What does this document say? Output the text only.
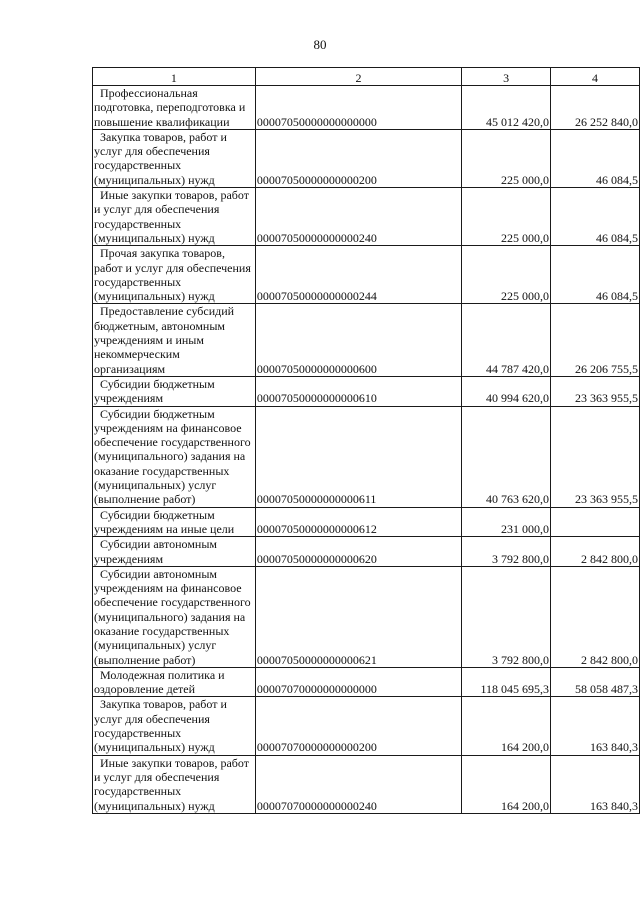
80
1	2	3	4

Профессиональная подготовка, переподготовка и повышение квалификации	00007050000000000000	45 012 420,0	26 252 840,0

Закупка товаров, работ и услуг для обеспечения государственных (муниципальных) нужд	00007050000000000200	225 000,0	46 084,5

Иные закупки товаров, работ и услуг для обеспечения государственных (муниципальных) нужд	00007050000000000240	225 000,0	46 084,5

Прочая закупка товаров, работ и услуг для обеспечения государственных (муниципальных) нужд	00007050000000000244	225 000,0	46 084,5

Предоставление субсидий бюджетным, автономным учреждениям и иным некоммерческим организациям	00007050000000000600	44 787 420,0	26 206 755,5

Субсидии бюджетным учреждениям	00007050000000000610	40 994 620,0	23 363 955,5

Субсидии бюджетным учреждениям на финансовое обеспечение государственного (муниципального) задания на оказание государственных (муниципальных) услуг (выполнение работ)	00007050000000000611	40 763 620,0	23 363 955,5

Субсидии бюджетным учреждениям на иные цели	00007050000000000612	231 000,0	

Субсидии автономным учреждениям	00007050000000000620	3 792 800,0	2 842 800,0

Субсидии автономным учреждениям на финансовое обеспечение государственного (муниципального) задания на оказание государственных (муниципальных) услуг (выполнение работ)	00007050000000000621	3 792 800,0	2 842 800,0

Молодежная политика и оздоровление детей	00007070000000000000	118 045 695,3	58 058 487,3

Закупка товаров, работ и услуг для обеспечения государственных (муниципальных) нужд	00007070000000000200	164 200,0	163 840,3

Иные закупки товаров, работ и услуг для обеспечения государственных (муниципальных) нужд	00007070000000000240	164 200,0	163 840,3
